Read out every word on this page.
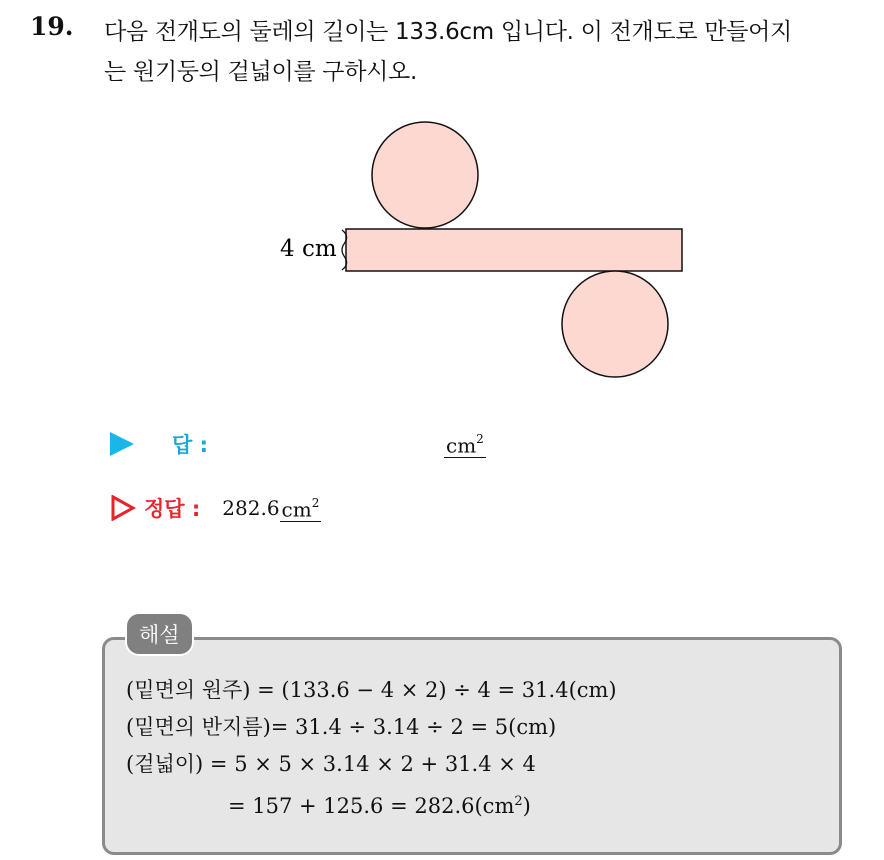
19. 다음 전개도의 둘레의 길이는 133.6cm 입니다. 이 전개도로 만들어지
는 원기둥의 겉넓이를 구하시오.
4 cm
답 :	$cm^2$
정답 : 282.6 $cm^2$
해설
(밑면의 원주) = (133.6 − 4 × 2) ÷ 4 = 31.4(cm)
(밑면의 반지름)= 31.4 ÷ 3.14 ÷ 2 = 5(cm)
(겉넓이) = 5 × 5 × 3.14 × 2 + 31.4 × 4
= $157 + 125.6 = 282.6(cm^2)$
